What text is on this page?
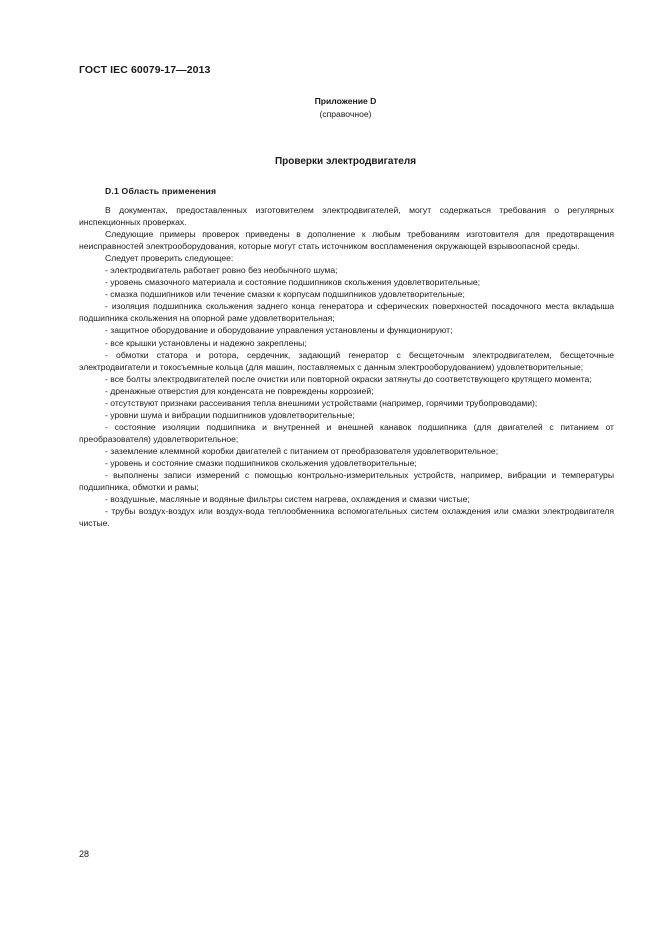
ГОСТ IEC 60079-17—2013
Приложение D
(справочное)
Проверки электродвигателя
D.1 Область применения

В документах, предоставленных изготовителем электродвигателей, могут содержаться требования о регулярных инспекционных проверках.

Следующие примеры проверок приведены в дополнение к любым требованиям изготовителя для предотвращения неисправностей электрооборудования, которые могут стать источником воспламенения окружающей взрывоопасной среды.

Следует проверить следующее:

- электродвигатель работает ровно без необычного шума;

- уровень смазочного материала и состояние подшипников скольжения удовлетворительные;

- смазка подшипников или течение смазки к корпусам подшипников удовлетворительные;

- изоляция подшипника скольжения заднего конца генератора и сферических поверхностей посадочного места вкладыша подшипника скольжения на опорной раме удовлетворительная;

- защитное оборудование и оборудование управления установлены и функционируют;

- все крышки установлены и надежно закреплены;

- обмотки статора и ротора, сердечник, задающий генератор с бесщеточным электродвигателем, бесщеточные электродвигатели и токосъемные кольца (для машин, поставляемых с данным электрооборудованием) удовлетворительные;

- все болты электродвигателей после очистки или повторной окраски затянуты до соответствующего крутящего момента;

- дренажные отверстия для конденсата не повреждены коррозией;

- отсутствуют признаки рассеивания тепла внешними устройствами (например, горячими трубопроводами);

- уровни шума и вибрации подшипников удовлетворительные;

- состояние изоляции подшипника и внутренней и внешней канавок подшипника (для двигателей с питанием от преобразователя) удовлетворительное;

- заземление клеммной коробки двигателей с питанием от преобразователя удовлетворительное;

- уровень и состояние смазки подшипников скольжения удовлетворительные;

- выполнены записи измерений с помощью контрольно-измерительных устройств, например, вибрации и температуры подшипника, обмотки и рамы;

- воздушные, масляные и водяные фильтры систем нагрева, охлаждения и смазки чистые;

- трубы воздух-воздух или воздух-вода теплообменника вспомогательных систем охлаждения или смазки электродвигателя чистые.

28
